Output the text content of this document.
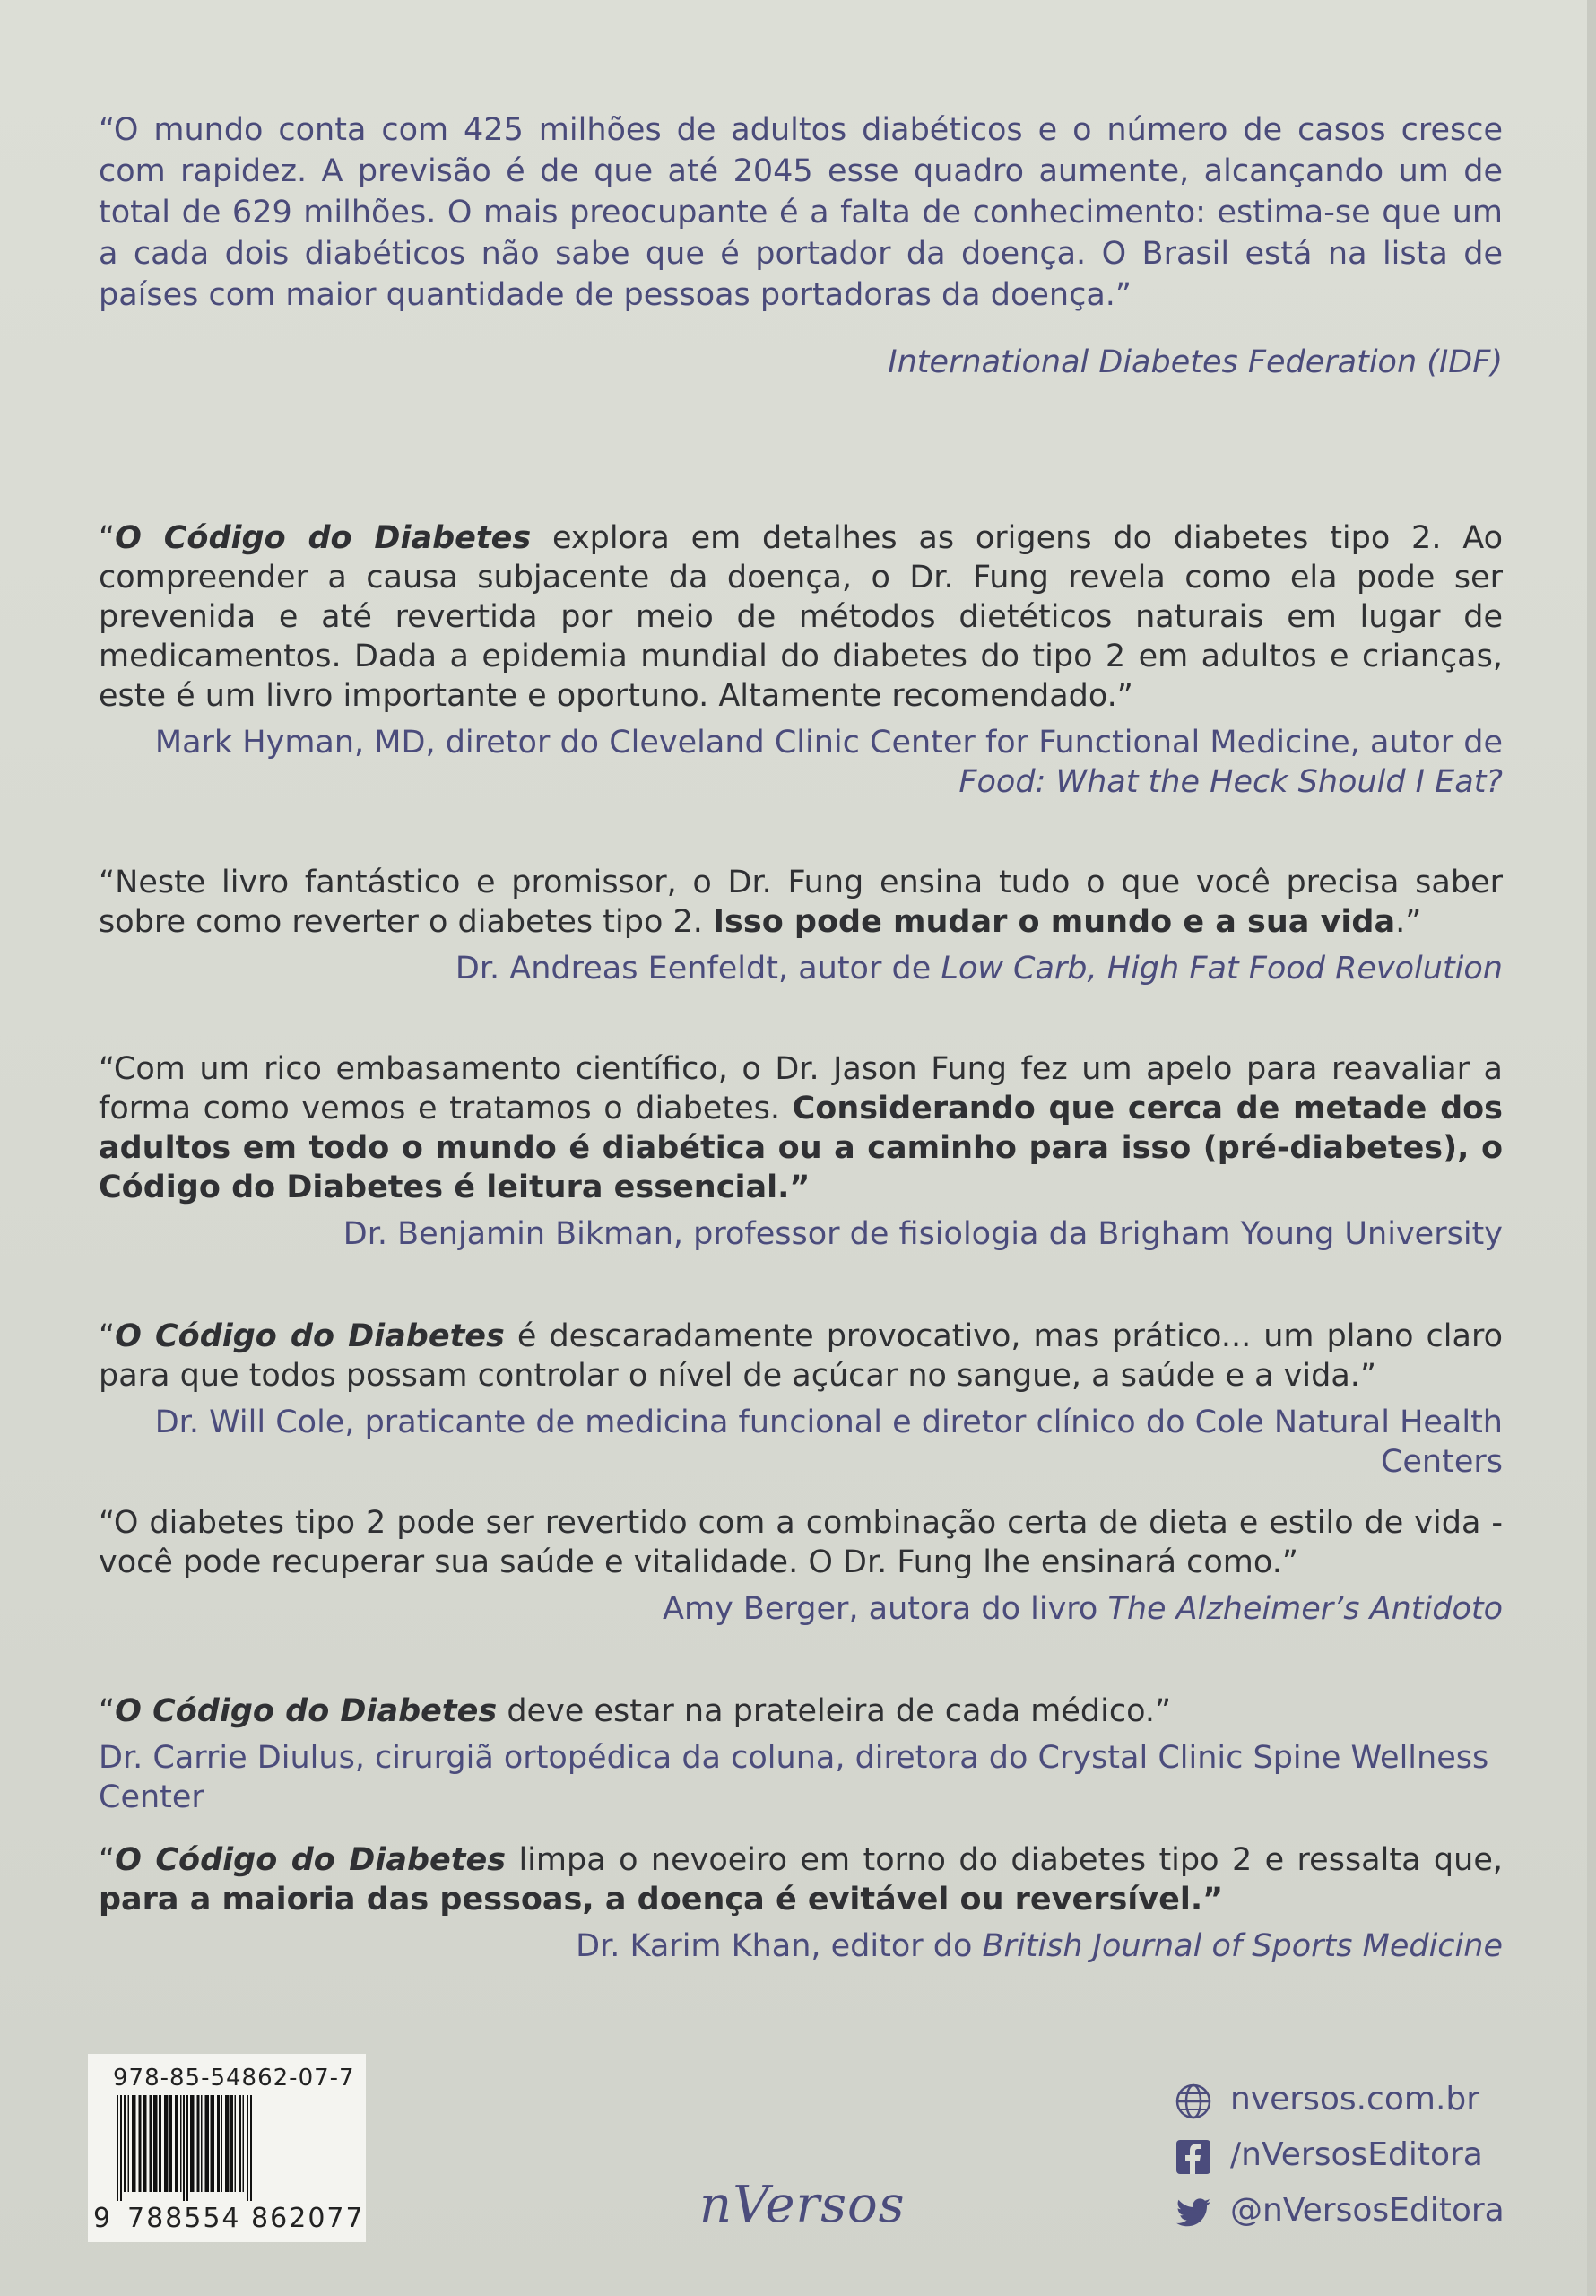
“O mundo conta com 425 milhões de adultos diabéticos e o número de casos cresce com rapidez. A previsão é de que até 2045 esse quadro aumente, alcançando um de total de 629 milhões. O mais preocupante é a falta de conhecimento: estima-se que um a cada dois diabéticos não sabe que é portador da doença. O Brasil está na lista de países com maior quantidade de pessoas portadoras da doença.”

International Diabetes Federation (IDF)

“O Código do Diabetes explora em detalhes as origens do diabetes tipo 2. Ao compreender a causa subjacente da doença, o Dr. Fung revela como ela pode ser prevenida e até revertida por meio de métodos dietéticos naturais em lugar de medicamentos. Dada a epidemia mundial do diabetes do tipo 2 em adultos e crianças, este é um livro importante e oportuno. Altamente recomendado.”

Mark Hyman, MD, diretor do Cleveland Clinic Center for Functional Medicine, autor de Food: What the Heck Should I Eat?

“Neste livro fantástico e promissor, o Dr. Fung ensina tudo o que você precisa saber sobre como reverter o diabetes tipo 2. Isso pode mudar o mundo e a sua vida.”

Dr. Andreas Eenfeldt, autor de Low Carb, High Fat Food Revolution

“Com um rico embasamento científico, o Dr. Jason Fung fez um apelo para reavaliar a forma como vemos e tratamos o diabetes. Considerando que cerca de metade dos adultos em todo o mundo é diabética ou a caminho para isso (pré-diabetes), o Código do Diabetes é leitura essencial.”

Dr. Benjamin Bikman, professor de fisiologia da Brigham Young University

“O Código do Diabetes é descaradamente provocativo, mas prático... um plano claro para que todos possam controlar o nível de açúcar no sangue, a saúde e a vida.”

Dr. Will Cole, praticante de medicina funcional e diretor clínico do Cole Natural Health Centers

“O diabetes tipo 2 pode ser revertido com a combinação certa de dieta e estilo de vida - você pode recuperar sua saúde e vitalidade. O Dr. Fung lhe ensinará como.”

Amy Berger, autora do livro The Alzheimer’s Antidoto

“O Código do Diabetes deve estar na prateleira de cada médico.”

Dr. Carrie Diulus, cirurgiã ortopédica da coluna, diretora do Crystal Clinic Spine Wellness Center

“O Código do Diabetes limpa o nevoeiro em torno do diabetes tipo 2 e ressalta que, para a maioria das pessoas, a doença é evitável ou reversível.”

Dr. Karim Khan, editor do British Journal of Sports Medicine

978-85-54862-07-7
9 788554 862077	nVersos
nversos.com.br
/nVersosEditora
@nVersosEditora
